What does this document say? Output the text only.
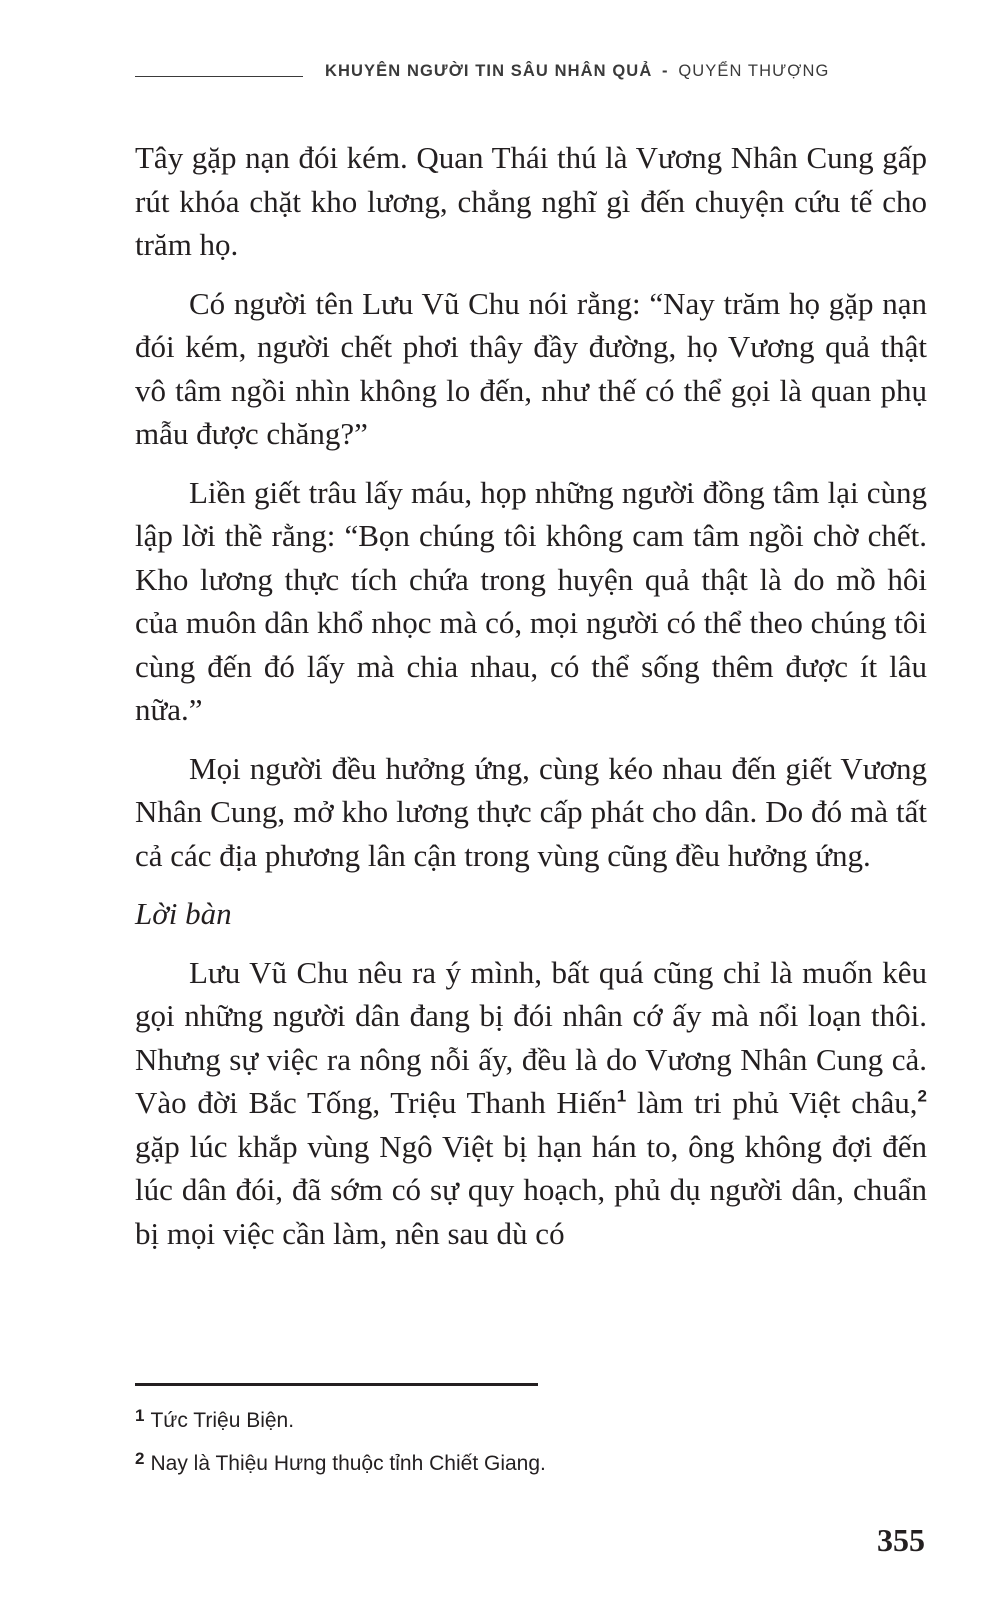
KHUYÊN NGƯỜI TIN SÂU NHÂN QUẢ - QUYỂN THƯỢNG

Tây gặp nạn đói kém. Quan Thái thú là Vương Nhân Cung gấp rút khóa chặt kho lương, chẳng nghĩ gì đến chuyện cứu tế cho trăm họ.

Có người tên Lưu Vũ Chu nói rằng: “Nay trăm họ gặp nạn đói kém, người chết phơi thây đầy đường, họ Vương quả thật vô tâm ngồi nhìn không lo đến, như thế có thể gọi là quan phụ mẫu được chăng?”

Liền giết trâu lấy máu, họp những người đồng tâm lại cùng lập lời thề rằng: “Bọn chúng tôi không cam tâm ngồi chờ chết. Kho lương thực tích chứa trong huyện quả thật là do mồ hôi của muôn dân khổ nhọc mà có, mọi người có thể theo chúng tôi cùng đến đó lấy mà chia nhau, có thể sống thêm được ít lâu nữa.”

Mọi người đều hưởng ứng, cùng kéo nhau đến giết Vương Nhân Cung, mở kho lương thực cấp phát cho dân. Do đó mà tất cả các địa phương lân cận trong vùng cũng đều hưởng ứng.

Lời bàn

Lưu Vũ Chu nêu ra ý mình, bất quá cũng chỉ là muốn kêu gọi những người dân đang bị đói nhân cớ ấy mà nổi loạn thôi. Nhưng sự việc ra nông nỗi ấy, đều là do Vương Nhân Cung cả. Vào đời Bắc Tống, Triệu Thanh Hiến$^1$ làm tri phủ Việt châu,$^2$ gặp lúc khắp vùng Ngô Việt bị hạn hán to, ông không đợi đến lúc dân đói, đã sớm có sự quy hoạch, phủ dụ người dân, chuẩn bị mọi việc cần làm, nên sau dù có

$^1$ Tức Triệu Biện.
$^2$ Nay là Thiệu Hưng thuộc tỉnh Chiết Giang.
355
